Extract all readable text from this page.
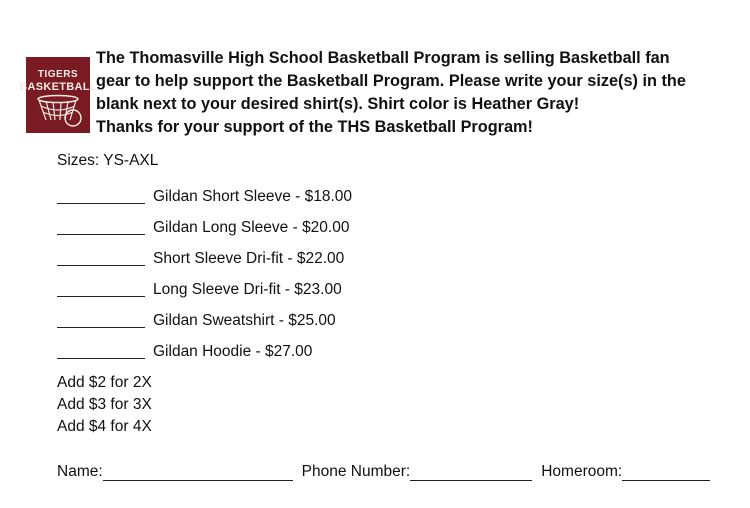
TIGERS
BASKETBALL
The Thomasville High School Basketball Program is selling Basketball fan
gear to help support the Basketball Program. Please write your size(s) in the
blank next to your desired shirt(s). Shirt color is Heather Gray!
Thanks for your support of the THS Basketball Program!
Sizes: YS-AXL
Gildan Short Sleeve - $18.00
Gildan Long Sleeve - $20.00
Short Sleeve Dri-fit - $22.00
Long Sleeve Dri-fit - $23.00
Gildan Sweatshirt - $25.00
Gildan Hoodie - $27.00
Add $2 for 2X
Add $3 for 3X
Add $4 for 4X
Name:	Phone Number:	Homeroom:
